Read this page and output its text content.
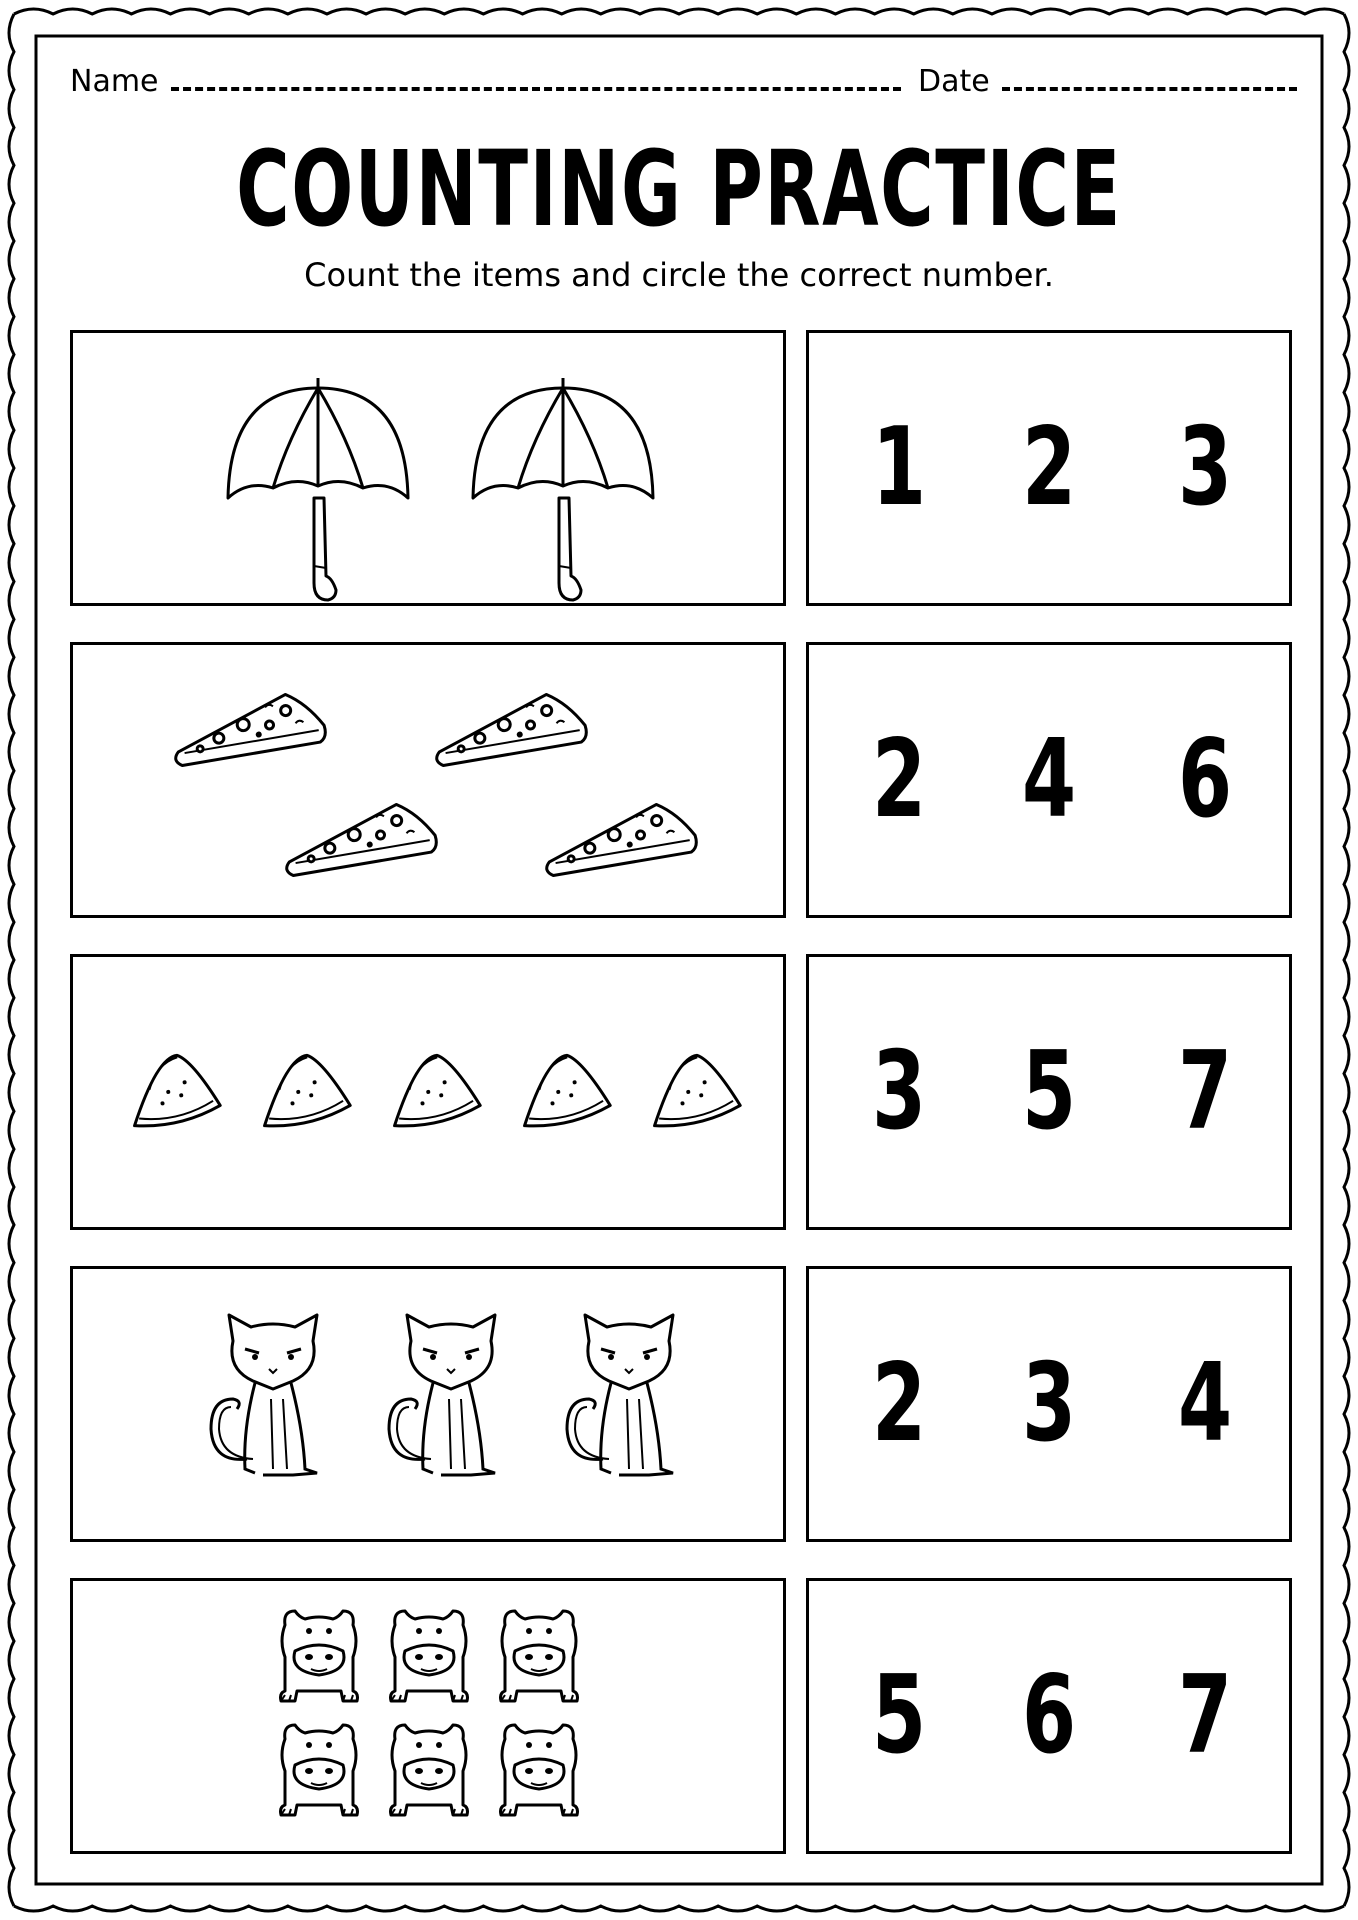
Name	Date
COUNTING PRACTICE
Count the items and circle the correct number.
1 2 3
2 4 6
3 5 7
2 3 4
5 6 7
